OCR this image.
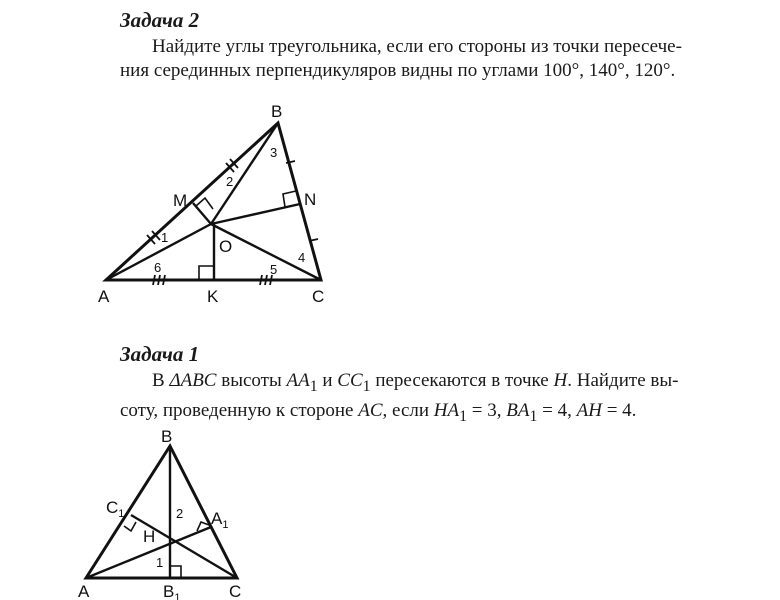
Задача 2

Найдите углы треугольника, если его стороны из точки пересече-

ния серединных перпендикуляров видны по углами 100°, 140°, 120°.

Задача 1

В ΔABC высоты $AA_1$ и $CC_1$ пересекаются в точке H. Найдите вы-

соту, проведенную к стороне AC, если $HA_1 = 3$, $BA_1 = 4$, AH = 4.

A
B
C
M	N
K
O
1
2
3
4
5
6
A
B
C
$C_1$	$A_1$
$B_1$
H
1
2
